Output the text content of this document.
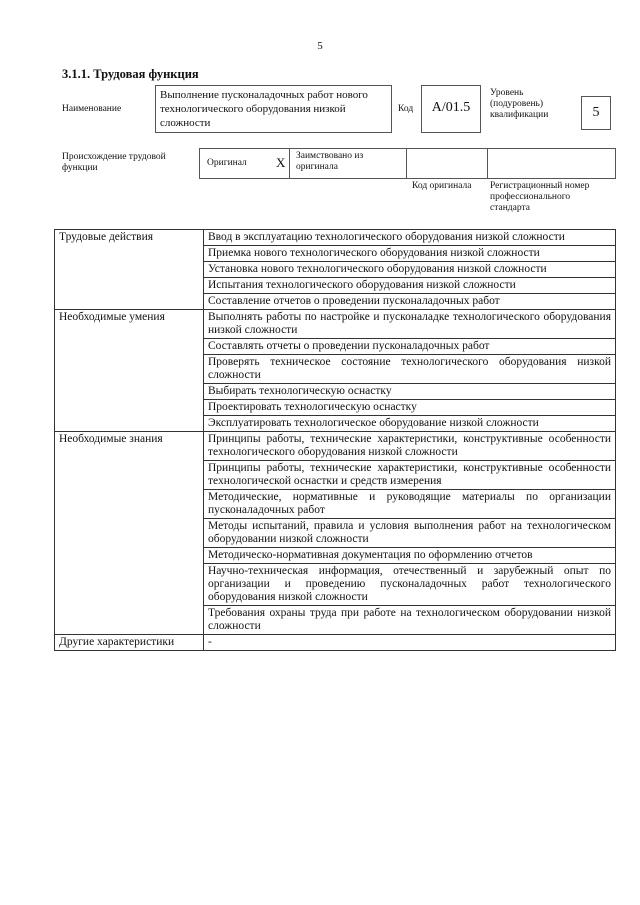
5
3.1.1. Трудовая функция
Наименование
Выполнение пусконаладочных работ нового технологического оборудования низкой сложности
Код	A/01.5
Уровень
(подуровень)
квалификации	5
Происхождение трудовой
функции	Оригинал X Заимствовано из
оригинала
Код оригинала Регистрационный номер
профессионального
стандарта
Трудовые действия	Ввод в эксплуатацию технологического оборудования низкой сложности
	Приемка нового технологического оборудования низкой сложности
	Установка нового технологического оборудования низкой сложности
	Испытания технологического оборудования низкой сложности
	Составление отчетов о проведении пусконаладочных работ
Необходимые умения	Выполнять работы по настройке и пусконаладке технологического оборудования низкой сложности
	Составлять отчеты о проведении пусконаладочных работ
	Проверять техническое состояние технологического оборудования низкой сложности
	Выбирать технологическую оснастку
	Проектировать технологическую оснастку
	Эксплуатировать технологическое оборудование низкой сложности
Необходимые знания	Принципы работы, технические характеристики, конструктивные особенности технологического оборудования низкой сложности
	Принципы работы, технические характеристики, конструктивные особенности технологической оснастки и средств измерения
	Методические, нормативные и руководящие материалы по организации пусконаладочных работ
	Методы испытаний, правила и условия выполнения работ на технологическом оборудовании низкой сложности
	Методическо-нормативная документация по оформлению отчетов
	Научно-техническая информация, отечественный и зарубежный опыт по организации и проведению пусконаладочных работ технологического оборудования низкой сложности
	Требования охраны труда при работе на технологическом оборудовании низкой сложности
Другие характеристики	-
